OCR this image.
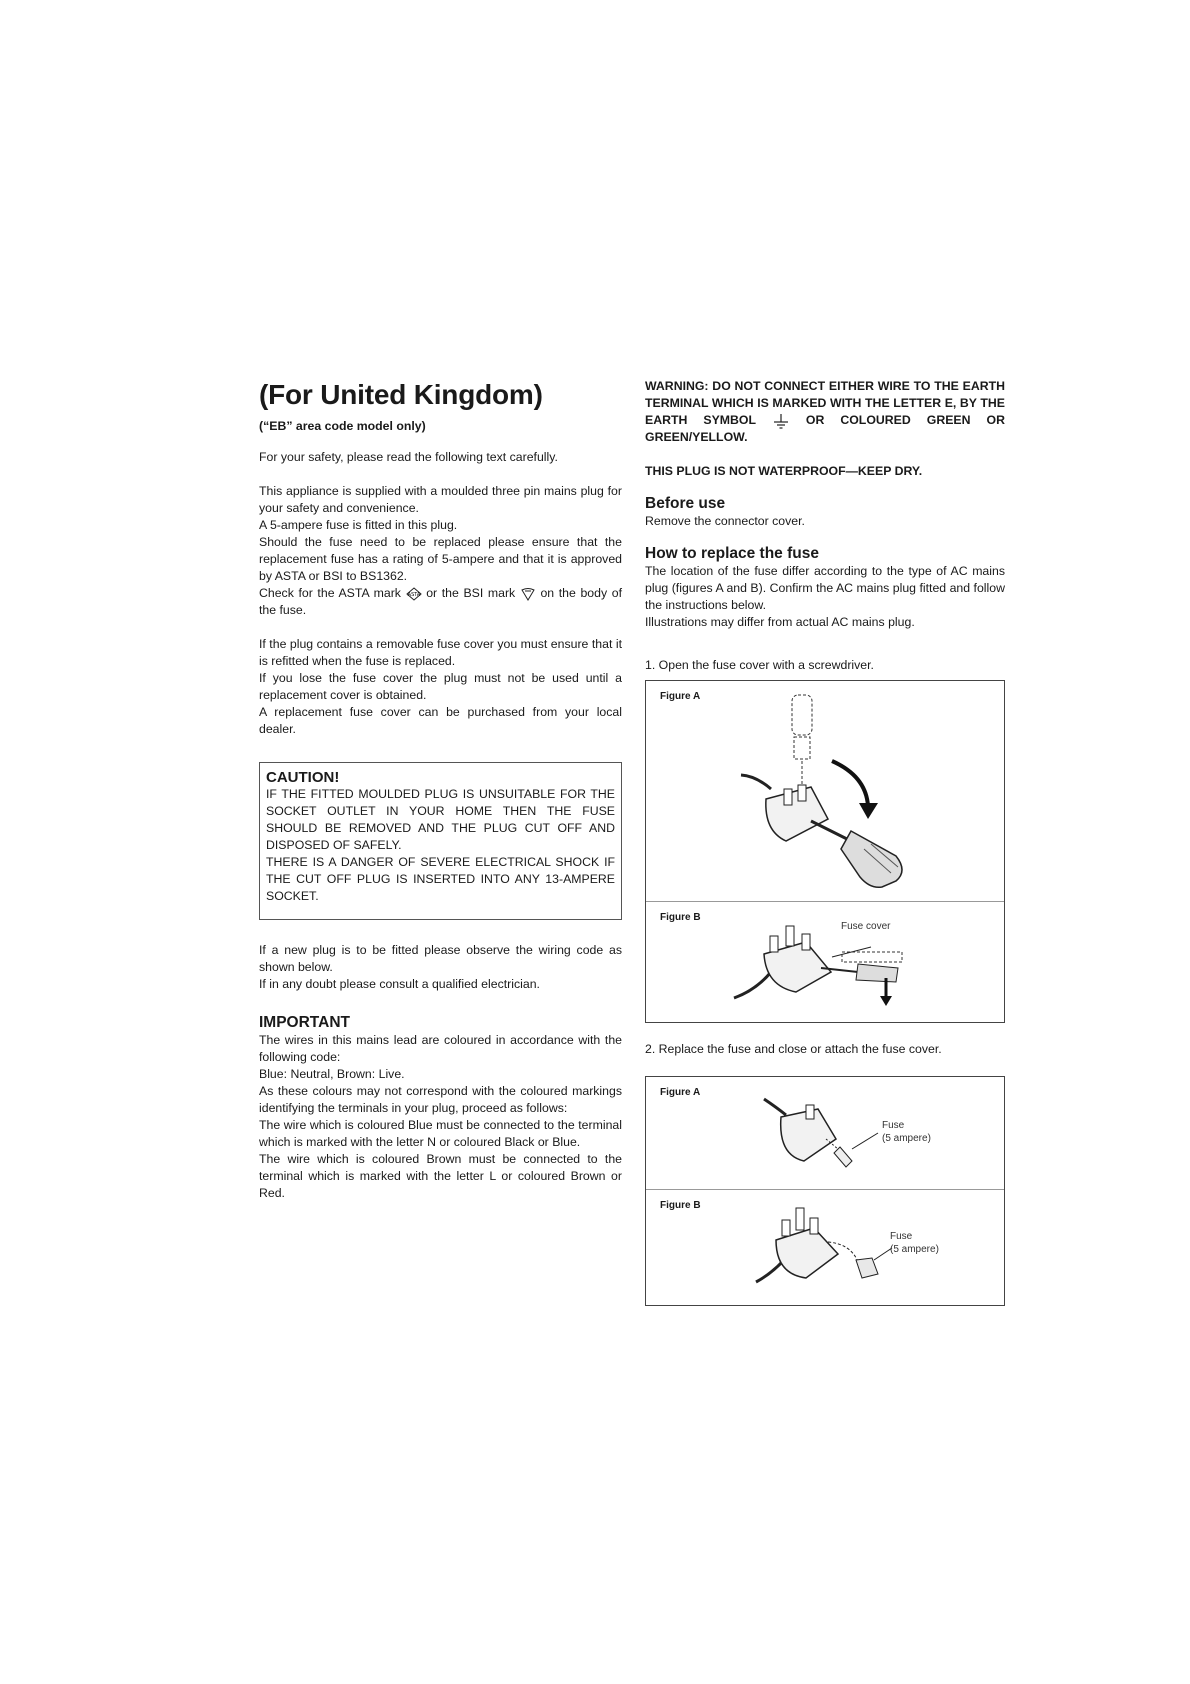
(For United Kingdom)
(“EB” area code model only)

For your safety, please read the following text carefully.

This appliance is supplied with a moulded three pin mains plug for your safety and convenience.

A 5-ampere fuse is fitted in this plug.

Should the fuse need to be replaced please ensure that the replacement fuse has a rating of 5-ampere and that it is approved by ASTA or BSI to BS1362.

Check for the ASTA mark ASTA or the BSI mark on the body of the fuse.

If the plug contains a removable fuse cover you must ensure that it is refitted when the fuse is replaced.

If you lose the fuse cover the plug must not be used until a replacement cover is obtained.

A replacement fuse cover can be purchased from your local dealer.

CAUTION!

IF THE FITTED MOULDED PLUG IS UNSUITABLE FOR THE SOCKET OUTLET IN YOUR HOME THEN THE FUSE SHOULD BE REMOVED AND THE PLUG CUT OFF AND DISPOSED OF SAFELY.

THERE IS A DANGER OF SEVERE ELECTRICAL SHOCK IF THE CUT OFF PLUG IS INSERTED INTO ANY 13-AMPERE SOCKET.

If a new plug is to be fitted please observe the wiring code as shown below.

If in any doubt please consult a qualified electrician.

IMPORTANT

The wires in this mains lead are coloured in accordance with the following code:

Blue: Neutral, Brown: Live.

As these colours may not correspond with the coloured markings identifying the terminals in your plug, proceed as follows:

The wire which is coloured Blue must be connected to the terminal which is marked with the letter N or coloured Black or Blue.

The wire which is coloured Brown must be connected to the terminal which is marked with the letter L or coloured Brown or Red.

WARNING: DO NOT CONNECT EITHER WIRE TO THE EARTH TERMINAL WHICH IS MARKED WITH THE LETTER E, BY THE EARTH SYMBOL	OR COLOURED GREEN OR GREEN/YELLOW.
THIS PLUG IS NOT WATERPROOF—KEEP DRY.
Before use

Remove the connector cover.

How to replace the fuse

The location of the fuse differ according to the type of AC mains plug (figures A and B). Confirm the AC mains plug fitted and follow the instructions below.

Illustrations may differ from actual AC mains plug.

1. Open the fuse cover with a screwdriver.
Figure A
Figure B
Fuse cover
2. Replace the fuse and close or attach the fuse cover.
Figure A
Fuse
(5 ampere)
Figure B
Fuse
(5 ampere)
